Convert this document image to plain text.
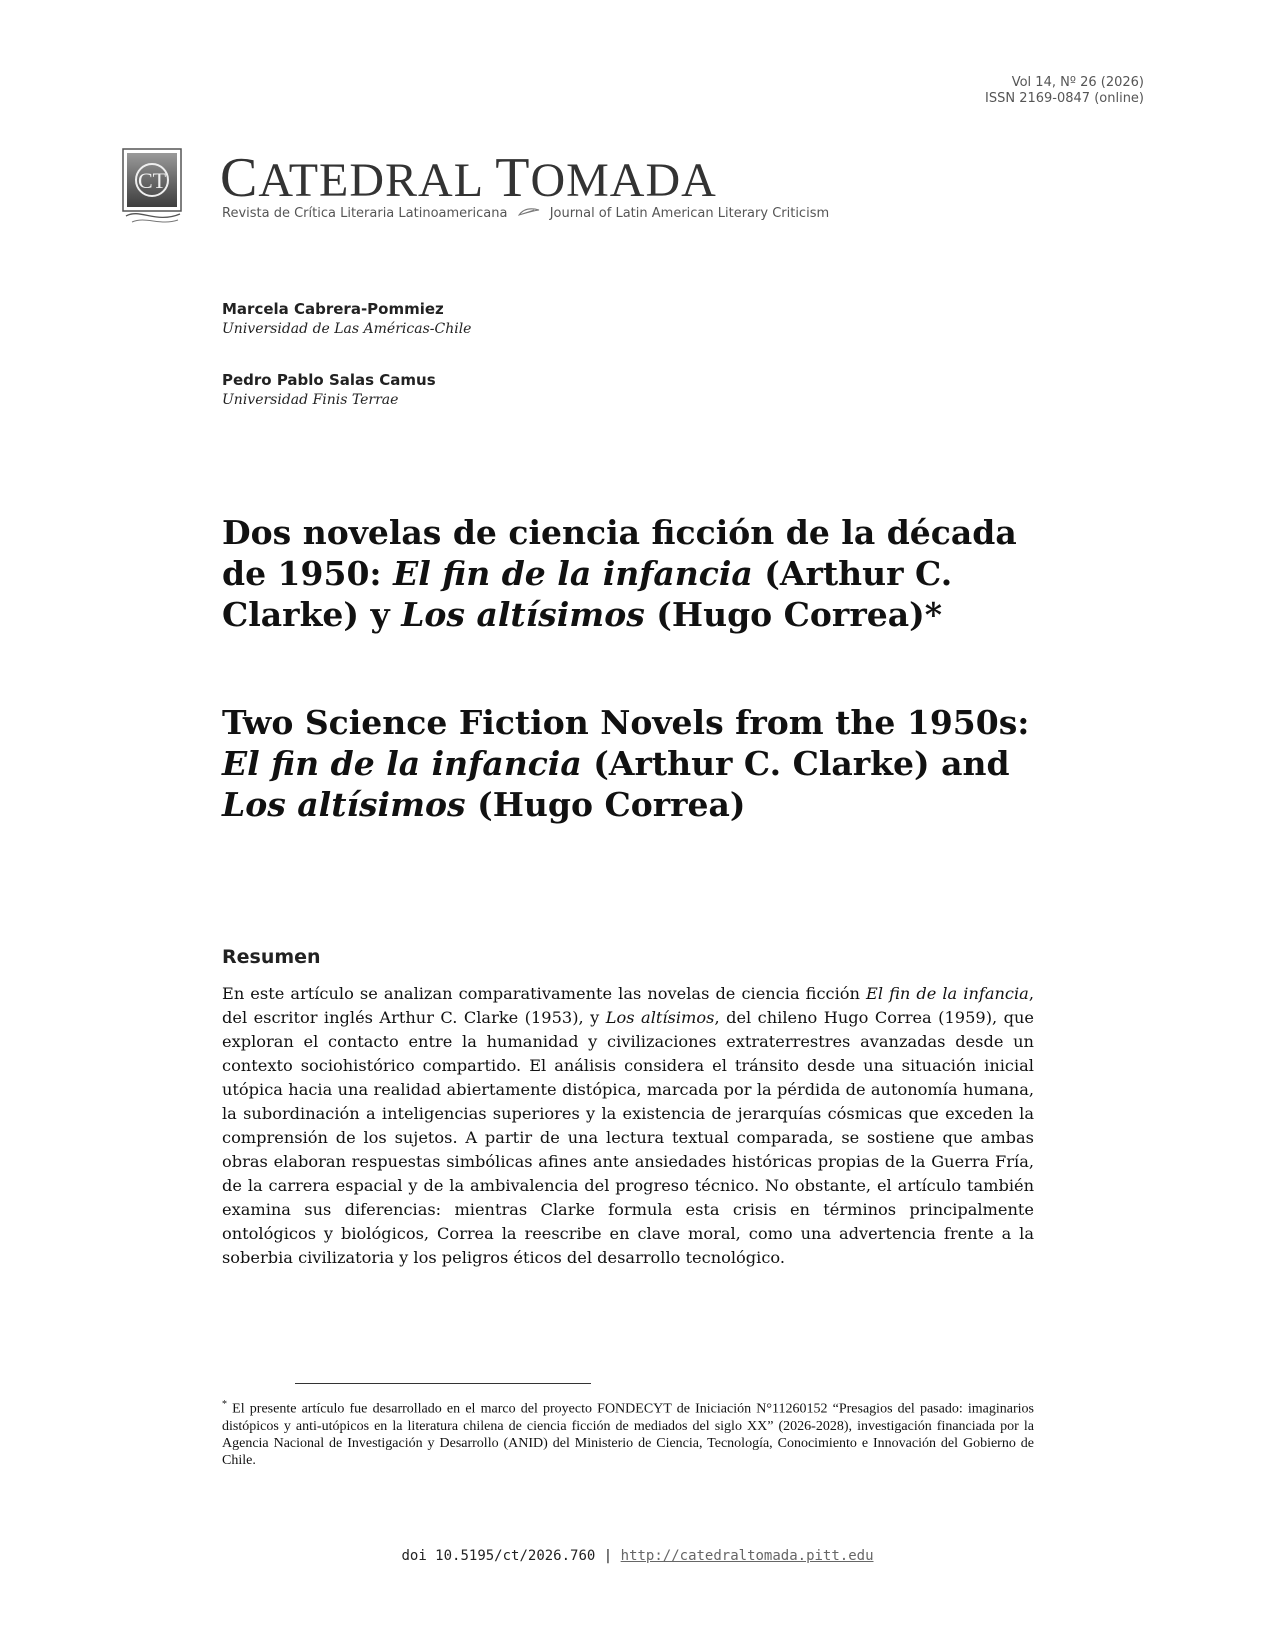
Vol 14, Nº 26 (2026)
ISSN 2169-0847 (online)
CT CATEDRAL TOMADA
Revista de Crítica Literaria Latinoamericana	Journal of Latin American Literary Criticism
Marcela Cabrera-Pommiez
Universidad de Las Américas-Chile
Pedro Pablo Salas Camus
Universidad Finis Terrae
Dos novelas de ciencia ficción de la década de 1950: El fin de la infancia (Arthur C. Clarke) y Los altísimos (Hugo Correa)*
Two Science Fiction Novels from the 1950s: El fin de la infancia (Arthur C. Clarke) and Los altísimos (Hugo Correa)
Resumen
En este artículo se analizan comparativamente las novelas de ciencia ficción El fin de la infancia, del escritor inglés Arthur C. Clarke (1953), y Los altísimos, del chileno Hugo Correa (1959), que exploran el contacto entre la humanidad y civilizaciones extraterrestres avanzadas desde un contexto sociohistórico compartido. El análisis considera el tránsito desde una situación inicial utópica hacia una realidad abiertamente distópica, marcada por la pérdida de autonomía humana, la subordinación a inteligencias superiores y la existencia de jerarquías cósmicas que exceden la comprensión de los sujetos. A partir de una lectura textual comparada, se sostiene que ambas obras elaboran respuestas simbólicas afines ante ansiedades históricas propias de la Guerra Fría, de la carrera espacial y de la ambivalencia del progreso técnico. No obstante, el artículo también examina sus diferencias: mientras Clarke formula esta crisis en términos principalmente ontológicos y biológicos, Correa la reescribe en clave moral, como una advertencia frente a la soberbia civilizatoria y los peligros éticos del desarrollo tecnológico.
* El presente artículo fue desarrollado en el marco del proyecto FONDECYT de Iniciación N°11260152 “Presagios del pasado: imaginarios distópicos y anti-utópicos en la literatura chilena de ciencia ficción de mediados del siglo XX” (2026-2028), investigación financiada por la Agencia Nacional de Investigación y Desarrollo (ANID) del Ministerio de Ciencia, Tecnología, Conocimiento e Innovación del Gobierno de Chile.
doi 10.5195/ct/2026.760 | http://catedraltomada.pitt.edu
